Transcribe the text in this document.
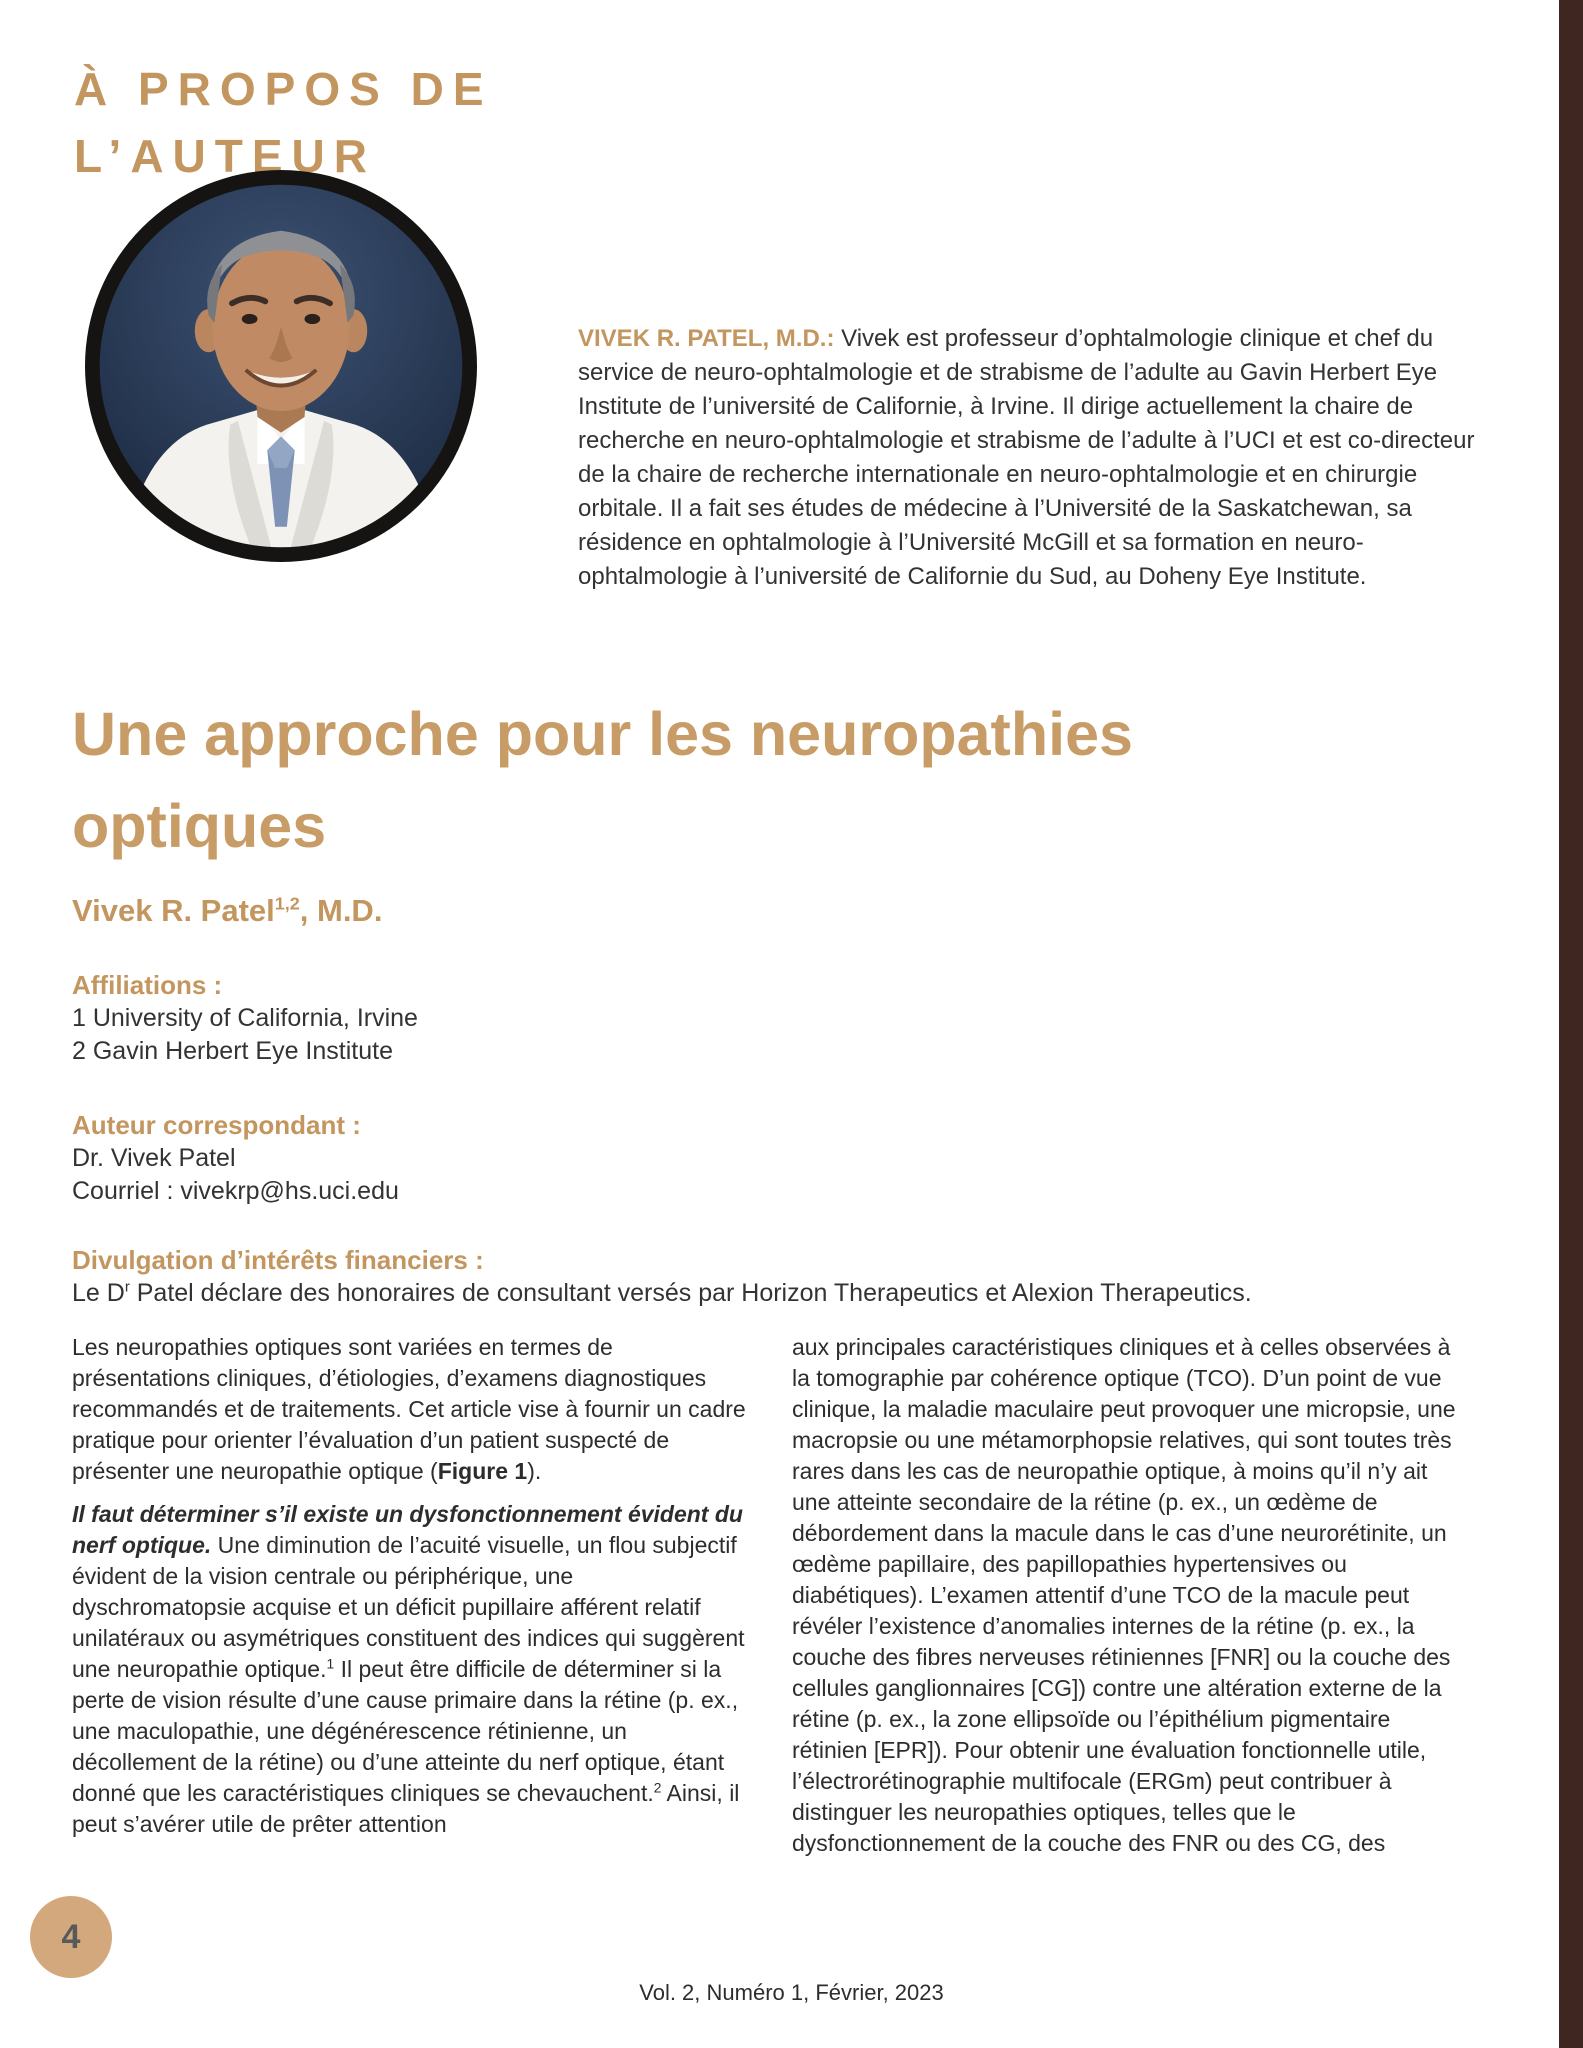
À PROPOS DE
L’AUTEUR

VIVEK R. PATEL, M.D.: Vivek est professeur d’ophtalmologie clinique et chef du service de neuro-ophtalmologie et de strabisme de l’adulte au Gavin Herbert Eye Institute de l’université de Californie, à Irvine. Il dirige actuellement la chaire de recherche en neuro-ophtalmologie et strabisme de l’adulte à l’UCI et est co-directeur de la chaire de recherche internationale en neuro-ophtalmologie et en chirurgie orbitale. Il a fait ses études de médecine à l’Université de la Saskatchewan, sa résidence en ophtalmologie à l’Université McGill et sa formation en neuro-ophtalmologie à l’université de Californie du Sud, au Doheny Eye Institute.

Une approche pour les neuropathies optiques
Vivek R. Patel$^{1,2}$, M.D.

Affiliations :

1 University of California, Irvine

2 Gavin Herbert Eye Institute

Auteur correspondant :

Dr. Vivek Patel

Courriel : vivekrp@hs.uci.edu

Divulgation d’intérêts financiers :

Le $D^r$ Patel déclare des honoraires de consultant versés par Horizon Therapeutics et Alexion Therapeutics.

Les neuropathies optiques sont variées en termes de présentations cliniques, d’étiologies, d’examens diagnostiques recommandés et de traitements. Cet article vise à fournir un cadre pratique pour orienter l’évaluation d’un patient suspecté de présenter une neuropathie optique (Figure 1).

Il faut déterminer s’il existe un dysfonctionnement évident du nerf optique. Une diminution de l’acuité visuelle, un flou subjectif évident de la vision centrale ou périphérique, une dyschromatopsie acquise et un déficit pupillaire afférent relatif unilatéraux ou asymétriques constituent des indices qui suggèrent une neuropathie optique.$^1$ Il peut être difficile de déterminer si la perte de vision résulte d’une cause primaire dans la rétine (p. ex., une maculopathie, une dégénérescence rétinienne, un décollement de la rétine) ou d’une atteinte du nerf optique, étant donné que les caractéristiques cliniques se chevauchent.$^2$ Ainsi, il peut s’avérer utile de prêter attention

aux principales caractéristiques cliniques et à celles observées à la tomographie par cohérence optique (TCO). D’un point de vue clinique, la maladie maculaire peut provoquer une micropsie, une macropsie ou une métamorphopsie relatives, qui sont toutes très rares dans les cas de neuropathie optique, à moins qu’il n’y ait une atteinte secondaire de la rétine (p. ex., un œdème de débordement dans la macule dans le cas d’une neurorétinite, un œdème papillaire, des papillopathies hypertensives ou diabétiques). L’examen attentif d’une TCO de la macule peut révéler l’existence d’anomalies internes de la rétine (p. ex., la couche des fibres nerveuses rétiniennes [FNR] ou la couche des cellules ganglionnaires [CG]) contre une altération externe de la rétine (p. ex., la zone ellipsoïde ou l’épithélium pigmentaire rétinien [EPR]). Pour obtenir une évaluation fonctionnelle utile, l’électrorétinographie multifocale (ERGm) peut contribuer à distinguer les neuropathies optiques, telles que le dysfonctionnement de la couche des FNR ou des CG, des

4
Vol. 2, Numéro 1, Février, 2023
